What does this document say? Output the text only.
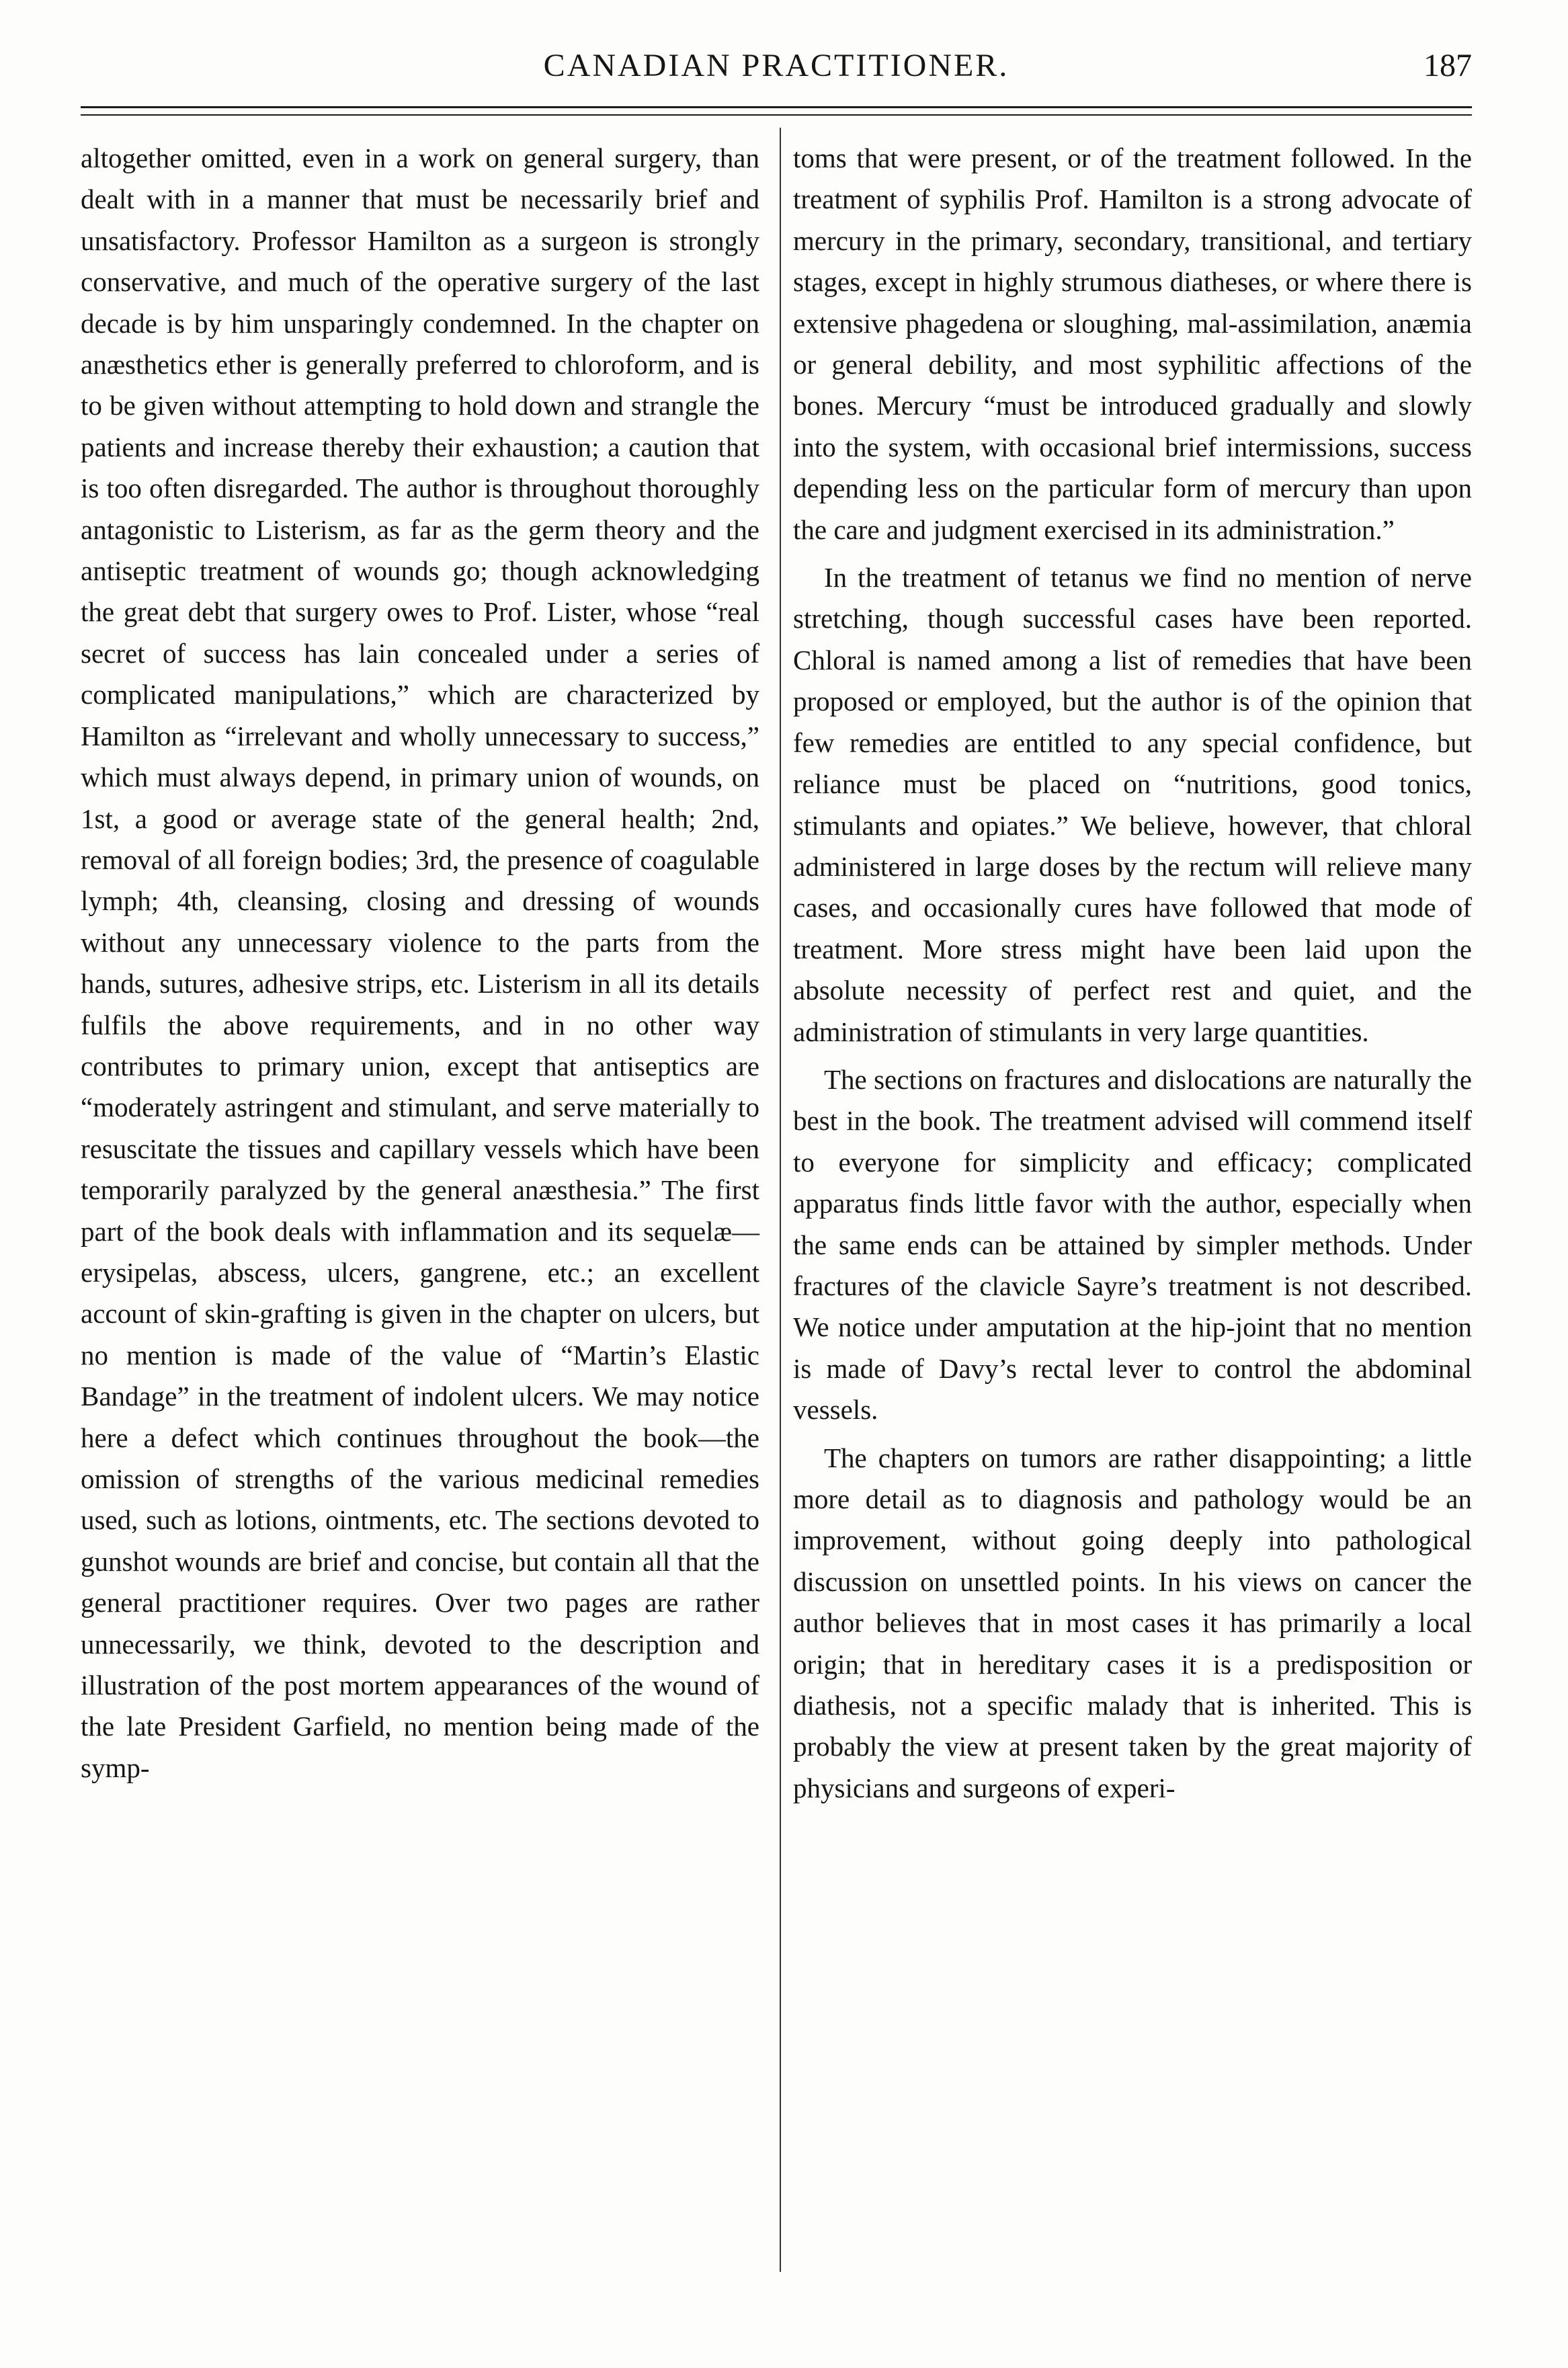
CANADIAN PRACTITIONER.	187

altogether omitted, even in a work on general surgery, than dealt with in a manner that must be necessarily brief and unsatisfactory. Professor Hamilton as a surgeon is strongly conservative, and much of the operative surgery of the last decade is by him unsparingly condemned. In the chapter on anæsthetics ether is generally preferred to chloroform, and is to be given without attempting to hold down and strangle the patients and increase thereby their exhaustion; a caution that is too often disregarded. The author is throughout thoroughly antagonistic to Listerism, as far as the germ theory and the antiseptic treatment of wounds go; though acknowledging the great debt that surgery owes to Prof. Lister, whose “real secret of success has lain concealed under a series of complicated manipulations,” which are characterized by Hamilton as “irrelevant and wholly unnecessary to success,” which must always depend, in primary union of wounds, on 1st, a good or average state of the general health; 2nd, removal of all foreign bodies; 3rd, the presence of coagulable lymph; 4th, cleansing, closing and dressing of wounds without any unnecessary violence to the parts from the hands, sutures, adhesive strips, etc. Listerism in all its details fulfils the above requirements, and in no other way contributes to primary union, except that antiseptics are “moderately astringent and stimulant, and serve materially to resuscitate the tissues and capillary vessels which have been temporarily paralyzed by the general anæsthesia.” The first part of the book deals with inflammation and its sequelæ—erysipelas, abscess, ulcers, gangrene, etc.; an excellent account of skin-grafting is given in the chapter on ulcers, but no mention is made of the value of “Martin’s Elastic Bandage” in the treatment of indolent ulcers. We may notice here a defect which continues throughout the book—the omission of strengths of the various medicinal remedies used, such as lotions, ointments, etc. The sections devoted to gunshot wounds are brief and concise, but contain all that the general practitioner requires. Over two pages are rather unnecessarily, we think, devoted to the description and illustration of the post mortem appearances of the wound of the late President Garfield, no mention being made of the symp-

toms that were present, or of the treatment followed. In the treatment of syphilis Prof. Hamilton is a strong advocate of mercury in the primary, secondary, transitional, and tertiary stages, except in highly strumous diatheses, or where there is extensive phagedena or sloughing, mal-assimilation, anæmia or general debility, and most syphilitic affections of the bones. Mercury “must be introduced gradually and slowly into the system, with occasional brief intermissions, success depending less on the particular form of mercury than upon the care and judgment exercised in its administration.”

In the treatment of tetanus we find no mention of nerve stretching, though successful cases have been reported. Chloral is named among a list of remedies that have been proposed or employed, but the author is of the opinion that few remedies are entitled to any special confidence, but reliance must be placed on “nutritions, good tonics, stimulants and opiates.” We believe, however, that chloral administered in large doses by the rectum will relieve many cases, and occasionally cures have followed that mode of treatment. More stress might have been laid upon the absolute necessity of perfect rest and quiet, and the administration of stimulants in very large quantities.

The sections on fractures and dislocations are naturally the best in the book. The treatment advised will commend itself to everyone for simplicity and efficacy; complicated apparatus finds little favor with the author, especially when the same ends can be attained by simpler methods. Under fractures of the clavicle Sayre’s treatment is not described. We notice under amputation at the hip-joint that no mention is made of Davy’s rectal lever to control the abdominal vessels.

The chapters on tumors are rather disappointing; a little more detail as to diagnosis and pathology would be an improvement, without going deeply into pathological discussion on unsettled points. In his views on cancer the author believes that in most cases it has primarily a local origin; that in hereditary cases it is a predisposition or diathesis, not a specific malady that is inherited. This is probably the view at present taken by the great majority of physicians and surgeons of experi-
